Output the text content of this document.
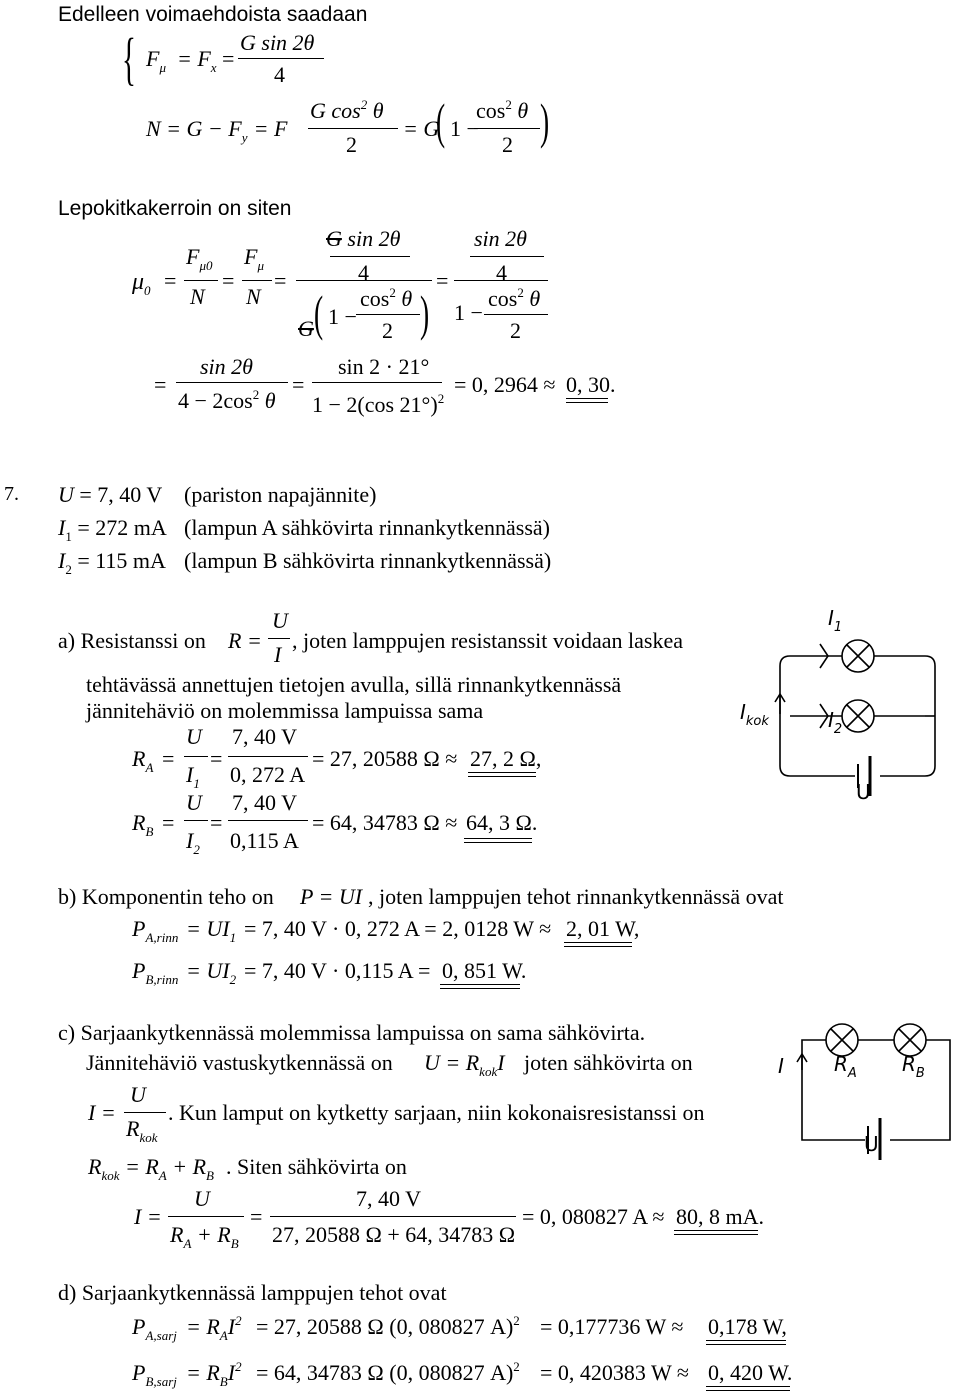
Edelleen voimaehdoista saadaan
{ $F_\mu = F_x$ =
G sin 2θ
4
$N = G - F_y = F$
G $\cos^2 \theta$
2
= G
( 1 −
$\cos^2 \theta$
2 )
Lepokitkakerroin on siten
$\mu_0$ =
$F_{\mu 0}$
N
=
$F_\mu$
N
=
G sin 2θ
4
G ( 1 −
$\cos^2 \theta$
2 )
=
sin 2θ
4
1 −
$\cos^2 \theta$
2
=
sin 2θ
$4 - 2\cos^2$ θ
=
sin 2 · 21°
1 − 2(cos 21°)$^2$
= 0, 2964 ≈ 0, 30.
7. U = 7, 40 V (pariston napajännite)
$I_1 = 272$ mA (lampun A sähkövirta rinnankytkennässä)
$I_2 = 115$ mA (lampun B sähkövirta rinnankytkennässä)
a) Resistanssi on R =
U
I
, joten lamppujen resistanssit voidaan laskea
tehtävässä annettujen tietojen avulla, sillä rinnankytkennässä
jännitehäviö on molemmissa lampuissa sama
$R_A$ =
U
$I_1$
=
7, 40 V
0, 272 A
= 27, 20588 Ω ≈ 27, 2 Ω,
$R_B$ =
U
$I_2$
=
7, 40 V
0,115 A
= 64, 34783 Ω ≈ 64, 3 Ω.
$I_1$
$I_2$
$I_{kok}$
U
b) Komponentin teho on P = UI , joten lamppujen tehot rinnankytkennässä ovat
$P_{A,rinn} = UI_1 = 7$, 40 V · 0, 272 A = 2, 0128 W ≈ 2, 01 W,
$P_{B,rinn} = UI_2 = 7$, 40 V · 0,115 A = 0, 851 W.
c) Sarjaankytkennässä molemmissa lampuissa on sama sähkövirta.
Jännitehäviö vastuskytkennässä on $U = R_{kok}I$ joten sähkövirta on
I =
U
$R_{kok}$
. Kun lamput on kytketty sarjaan, niin kokonaisresistanssi on
$R_{kok} = R_A + R_B$ . Siten sähkövirta on
I =
U
$R_A + R_B$
=
7, 40 V
27, 20588 Ω + 64, 34783 Ω
= 0, 080827 A ≈ 80, 8 mA.
I	$R_A$ $R_B$
U
d) Sarjaankytkennässä lamppujen tehot ovat
$P_{A,sarj} = R_AI^2 = 27$, 20588 Ω (0, 080827 A)$^2$ = 0,177736 W ≈ 0,178 W,
$P_{B,sarj} = R_BI^2 = 64$, 34783 Ω (0, 080827 A)$^2$ = 0, 420383 W ≈ 0, 420 W.
